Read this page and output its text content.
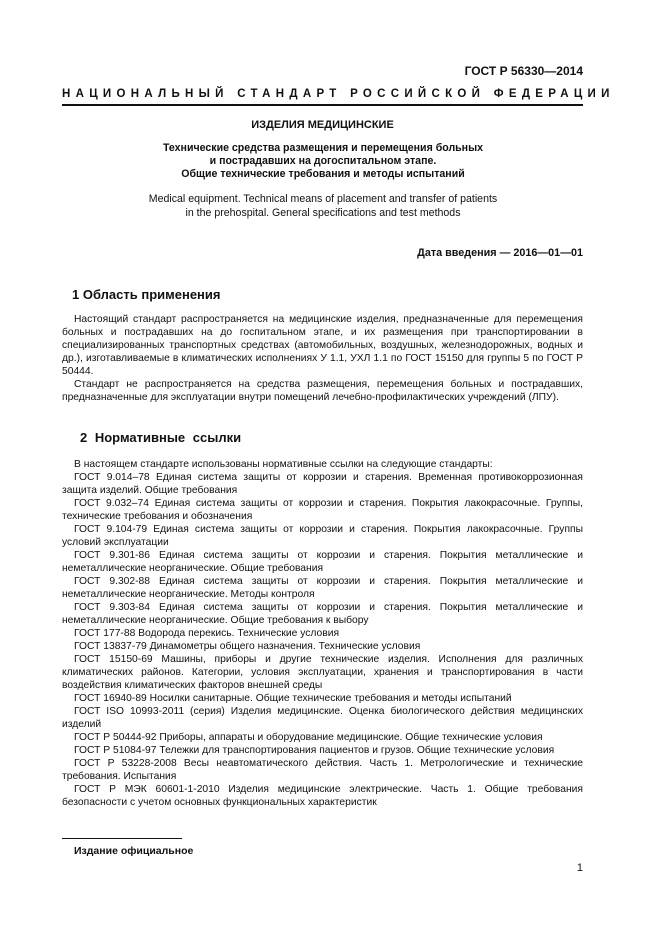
ГОСТ Р 56330—2014
НАЦИОНАЛЬНЫЙ СТАНДАРТ РОССИЙСКОЙ ФЕДЕРАЦИИ
ИЗДЕЛИЯ МЕДИЦИНСКИЕ
Технические средства размещения и перемещения больных
и пострадавших на догоспитальном этапе.
Общие технические требования и методы испытаний
Medical equipment. Technical means of placement and transfer of patients
in the prehospital. General specifications and test methods
Дата введения — 2016—01—01
1 Область применения

Настоящий стандарт распространяется на медицинские изделия, предназначенные для перемещения больных и пострадавших на до госпитальном этапе, и их размещения при транспортировании в специализированных транспортных средствах (автомобильных, воздушных, железнодорожных, водных и др.), изготавливаемые в климатических исполнениях У 1.1, УХЛ 1.1 по ГОСТ 15150 для группы 5 по ГОСТ Р 50444.

Стандарт не распространяется на средства размещения, перемещения больных и пострадавших, предназначенные для эксплуатации внутри помещений лечебно-профилактических учреждений (ЛПУ).

2 Нормативные ссылки

В настоящем стандарте использованы нормативные ссылки на следующие стандарты:

ГОСТ 9.014–78 Единая система защиты от коррозии и старения. Временная противокоррозионная защита изделий. Общие требования

ГОСТ 9.032–74 Единая система защиты от коррозии и старения. Покрытия лакокрасочные. Группы, технические требования и обозначения

ГОСТ 9.104-79 Единая система защиты от коррозии и старения. Покрытия лакокрасочные. Группы условий эксплуатации

ГОСТ 9.301-86 Единая система защиты от коррозии и старения. Покрытия металлические и неметаллические неорганические. Общие требования

ГОСТ 9.302-88 Единая система защиты от коррозии и старения. Покрытия металлические и неметаллические неорганические. Методы контроля

ГОСТ 9.303-84 Единая система защиты от коррозии и старения. Покрытия металлические и неметаллические неорганические. Общие требования к выбору

ГОСТ 177-88 Водорода перекись. Технические условия

ГОСТ 13837-79 Динамометры общего назначения. Технические условия

ГОСТ 15150-69 Машины, приборы и другие технические изделия. Исполнения для различных климатических районов. Категории, условия эксплуатации, хранения и транспортирования в части воздействия климатических факторов внешней среды

ГОСТ 16940-89 Носилки санитарные. Общие технические требования и методы испытаний

ГОСТ ISO 10993-2011 (серия) Изделия медицинские. Оценка биологического действия медицинских изделий

ГОСТ Р 50444-92 Приборы, аппараты и оборудование медицинские. Общие технические условия

ГОСТ Р 51084-97 Тележки для транспортирования пациентов и грузов. Общие технические условия

ГОСТ Р 53228-2008 Весы неавтоматического действия. Часть 1. Метрологические и технические требования. Испытания

ГОСТ Р МЭК 60601-1-2010 Изделия медицинские электрические. Часть 1. Общие требования безопасности с учетом основных функциональных характеристик

Издание официальное
1
